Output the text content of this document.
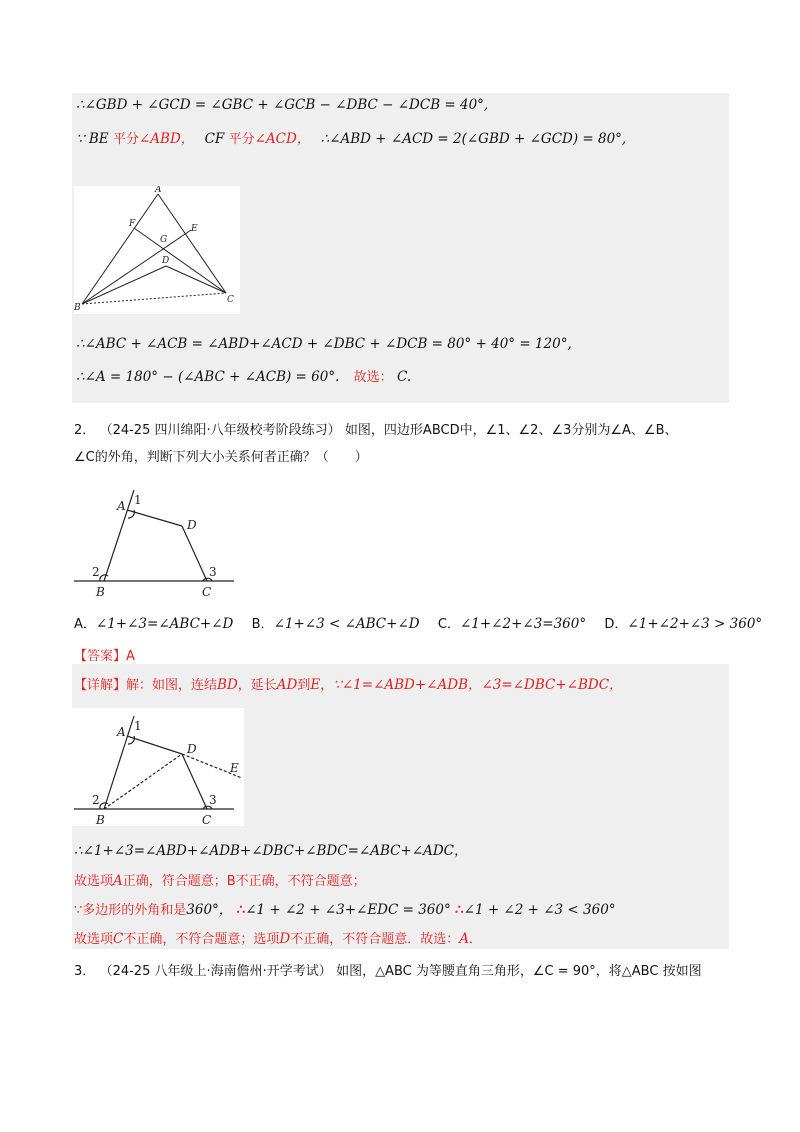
∴∠GBD + ∠GCD = ∠GBC + ∠GCB − ∠DBC − ∠DCB = 40°,
∵ BE 平分∠ABD， CF 平分∠ACD， ∴∠ABD + ∠ACD = 2(∠GBD + ∠GCD) = 80°,
A
F	E
G
D
B
C
∴∠ABC + ∠ACB = ∠ABD+∠ACD + ∠DBC + ∠DCB = 80° + 40° = 120°,
∴∠A = 180° − (∠ABC + ∠ACB) = 60°. 故选： C.
2． （24-25 四川绵阳·八年级校考阶段练习） 如图，四边形ABCD中，∠1、∠2、∠3分别为∠A、∠B、
∠C的外角，判断下列大小关系何者正确？（　　）
A 1
D
2
B
3
C
A．∠1+∠3=∠ABC+∠D B．∠1+∠3 < ∠ABC+∠D C．∠1+∠2+∠3=360° D．∠1+∠2+∠3 > 360°
【答案】A
【详解】解：如图，连结BD，延长AD到E，∵∠1=∠ABD+∠ADB，∠3=∠DBC+∠BDC，
A 1
D
E
2
B
3
C
∴∠1+∠3=∠ABD+∠ADB+∠DBC+∠BDC=∠ABC+∠ADC，
故选项A正确，符合题意；B不正确，不符合题意；
∵多边形的外角和是360°， ∴∠1 + ∠2 + ∠3+∠EDC = 360° ∴∠1 + ∠2 + ∠3 < 360°
故选项C不正确，不符合题意；选项D不正确，不符合题意．故选：A．
3． （24-25 八年级上·海南儋州·开学考试） 如图，△ABC 为等腰直角三角形，∠C = 90°，将△ABC 按如图
